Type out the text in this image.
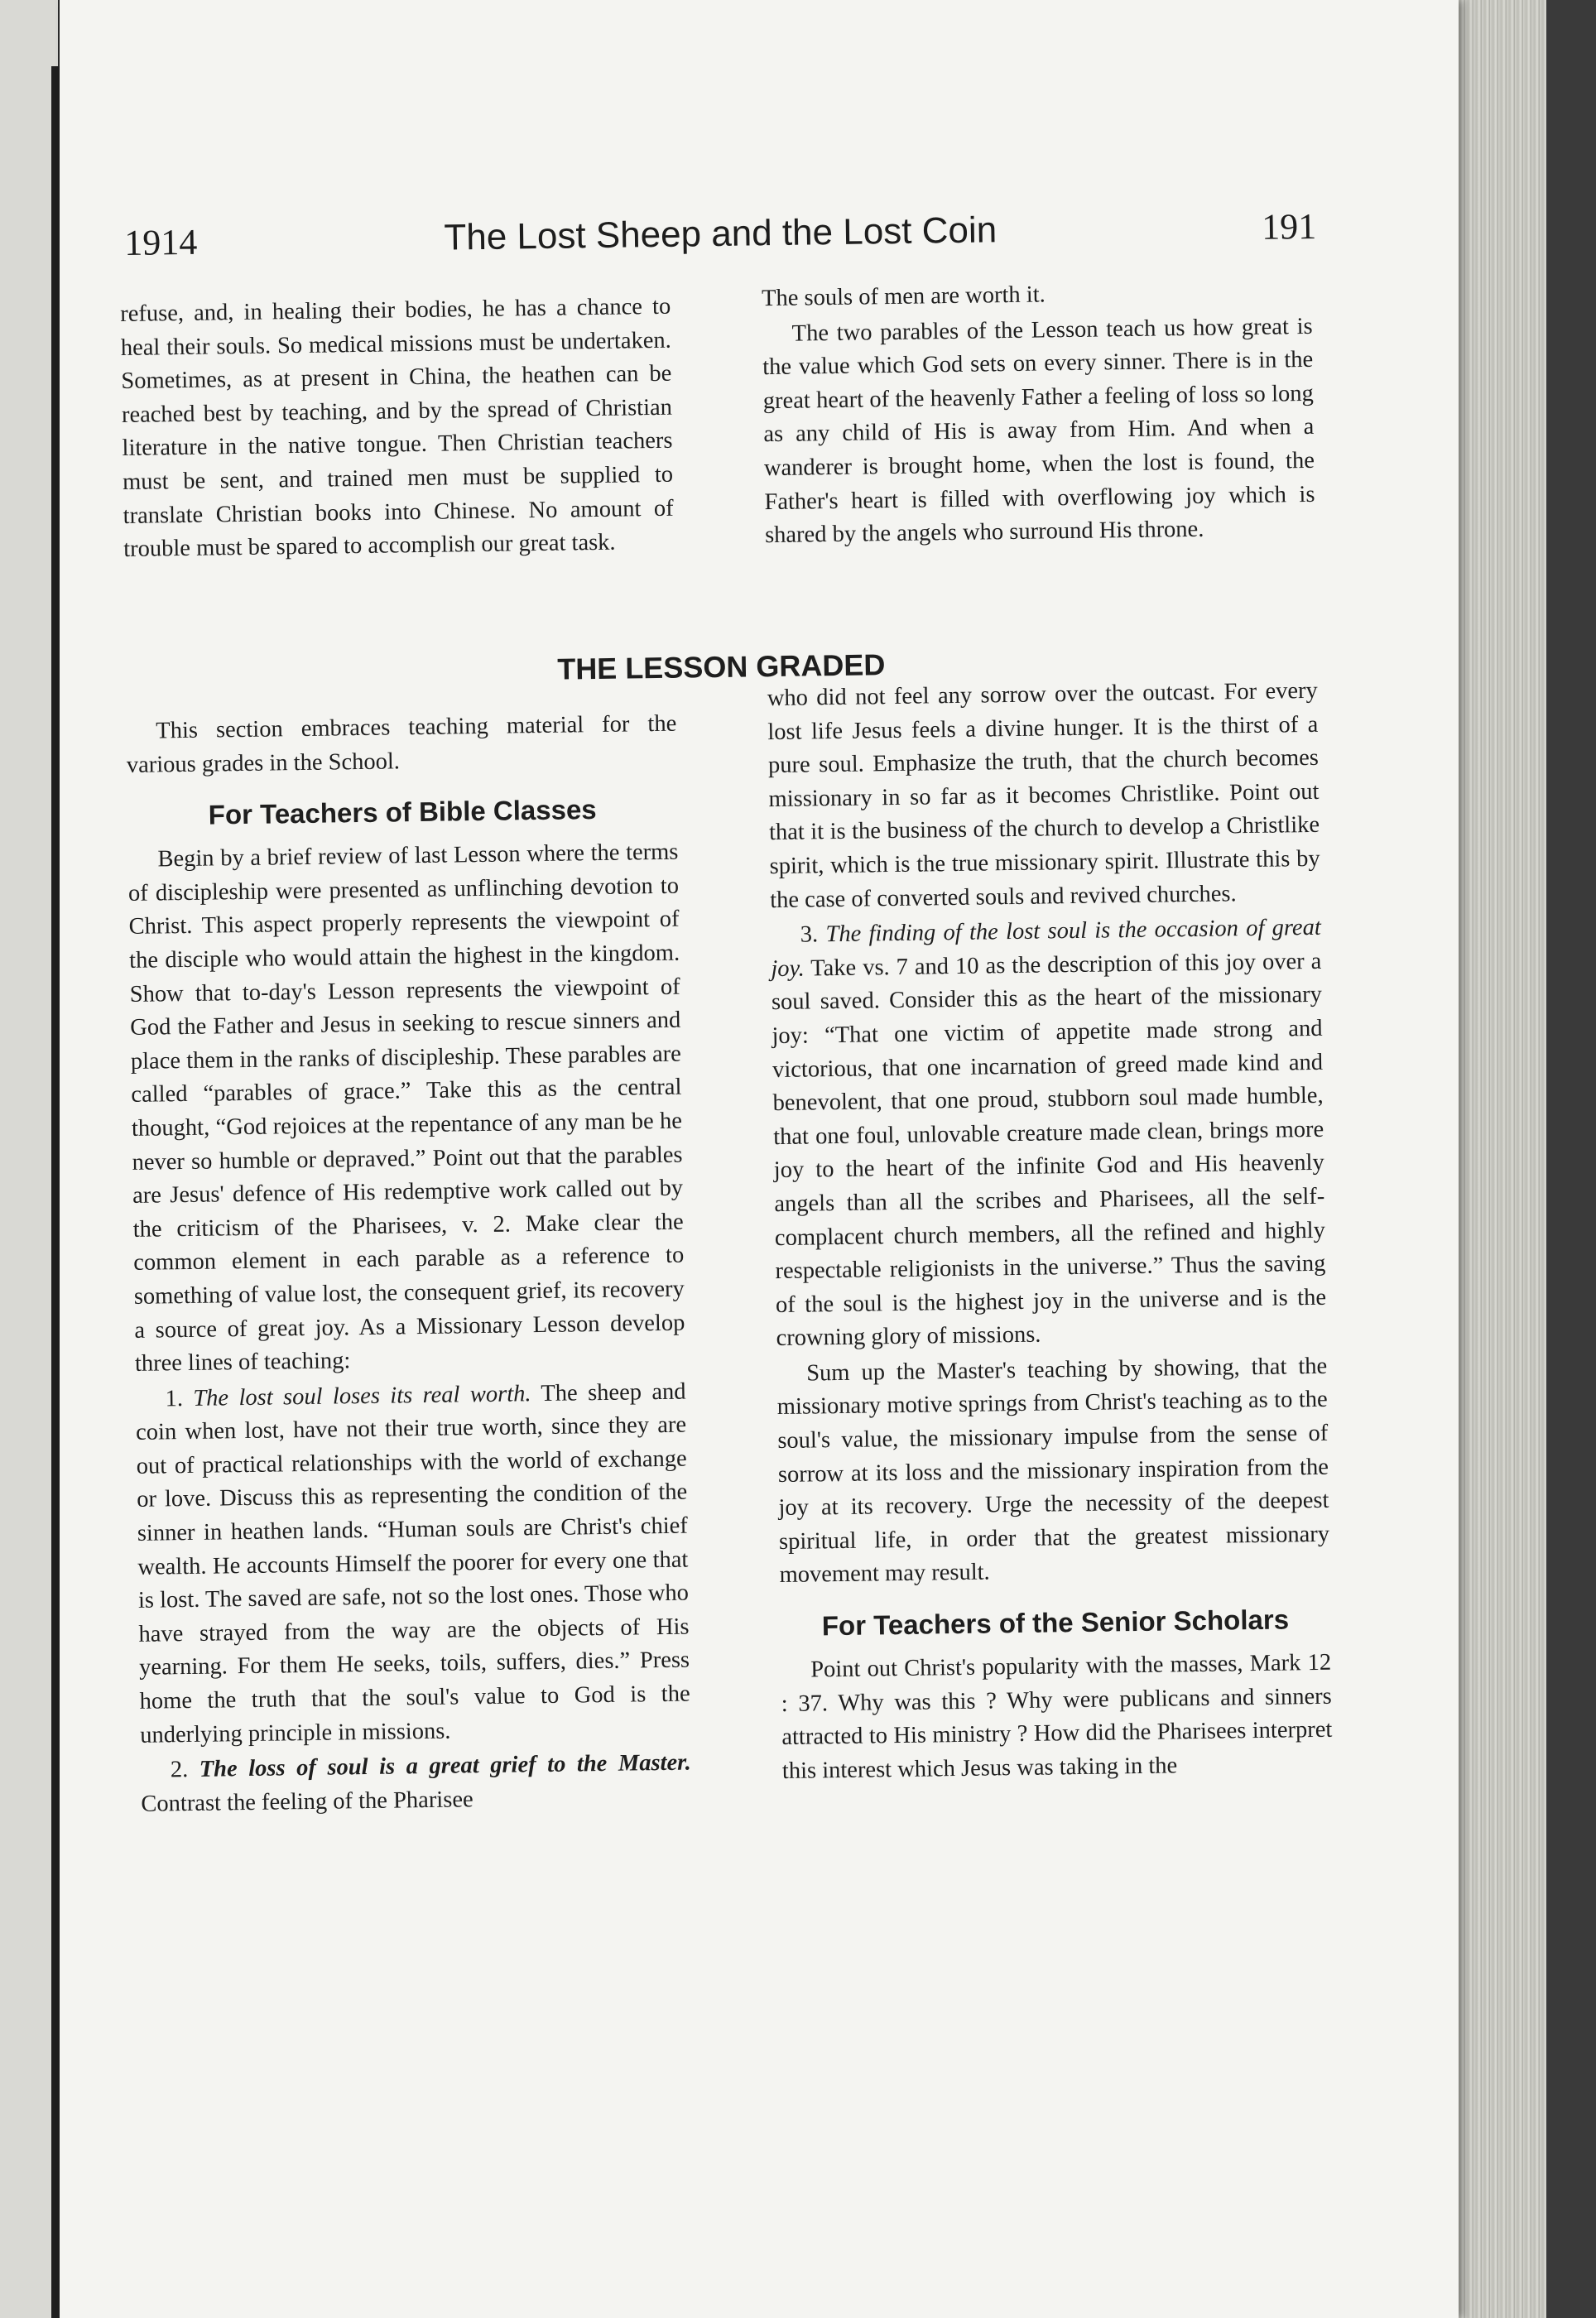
1914	The Lost Sheep and the Lost Coin	191

refuse, and, in healing their bodies, he has a chance to heal their souls. So medical missions must be undertaken. Sometimes, as at present in China, the heathen can be reached best by teaching, and by the spread of Christian literature in the native tongue. Then Christian teachers must be sent, and trained men must be supplied to translate Christian books into Chinese. No amount of trouble must be spared to accomplish our great task.

The souls of men are worth it.

The two parables of the Lesson teach us how great is the value which God sets on every sinner. There is in the great heart of the heavenly Father a feeling of loss so long as any child of His is away from Him. And when a wanderer is brought home, when the lost is found, the Father's heart is filled with overflowing joy which is shared by the angels who surround His throne.

THE LESSON GRADED

This section embraces teaching material for the various grades in the School.

For Teachers of Bible Classes

Begin by a brief review of last Lesson where the terms of discipleship were presented as unflinching devotion to Christ. This aspect properly represents the viewpoint of the disciple who would attain the highest in the kingdom. Show that to-day's Lesson represents the viewpoint of God the Father and Jesus in seeking to rescue sinners and place them in the ranks of discipleship. These parables are called “parables of grace.” Take this as the central thought, “God rejoices at the repentance of any man be he never so humble or depraved.” Point out that the parables are Jesus' defence of His redemptive work called out by the criticism of the Pharisees, v. 2. Make clear the common element in each parable as a reference to something of value lost, the consequent grief, its recovery a source of great joy. As a Missionary Lesson develop three lines of teaching:

1. The lost soul loses its real worth. The sheep and coin when lost, have not their true worth, since they are out of practical relationships with the world of exchange or love. Discuss this as representing the condition of the sinner in heathen lands. “Human souls are Christ's chief wealth. He accounts Himself the poorer for every one that is lost. The saved are safe, not so the lost ones. Those who have strayed from the way are the objects of His yearning. For them He seeks, toils, suffers, dies.” Press home the truth that the soul's value to God is the underlying principle in missions.

2. The loss of soul is a great grief to the Master. Contrast the feeling of the Pharisee

who did not feel any sorrow over the outcast. For every lost life Jesus feels a divine hunger. It is the thirst of a pure soul. Emphasize the truth, that the church becomes missionary in so far as it becomes Christlike. Point out that it is the business of the church to develop a Christlike spirit, which is the true missionary spirit. Illustrate this by the case of converted souls and revived churches.

3. The finding of the lost soul is the occasion of great joy. Take vs. 7 and 10 as the description of this joy over a soul saved. Consider this as the heart of the missionary joy: “That one victim of appetite made strong and victorious, that one incarnation of greed made kind and benevolent, that one proud, stubborn soul made humble, that one foul, unlovable creature made clean, brings more joy to the heart of the infinite God and His heavenly angels than all the scribes and Pharisees, all the self-complacent church members, all the refined and highly respectable religionists in the universe.” Thus the saving of the soul is the highest joy in the universe and is the crowning glory of missions.

Sum up the Master's teaching by showing, that the missionary motive springs from Christ's teaching as to the soul's value, the missionary impulse from the sense of sorrow at its loss and the missionary inspiration from the joy at its recovery. Urge the necessity of the deepest spiritual life, in order that the greatest missionary movement may result.

For Teachers of the Senior Scholars

Point out Christ's popularity with the masses, Mark 12 : 37. Why was this ? Why were publicans and sinners attracted to His ministry ? How did the Pharisees interpret this interest which Jesus was taking in the
